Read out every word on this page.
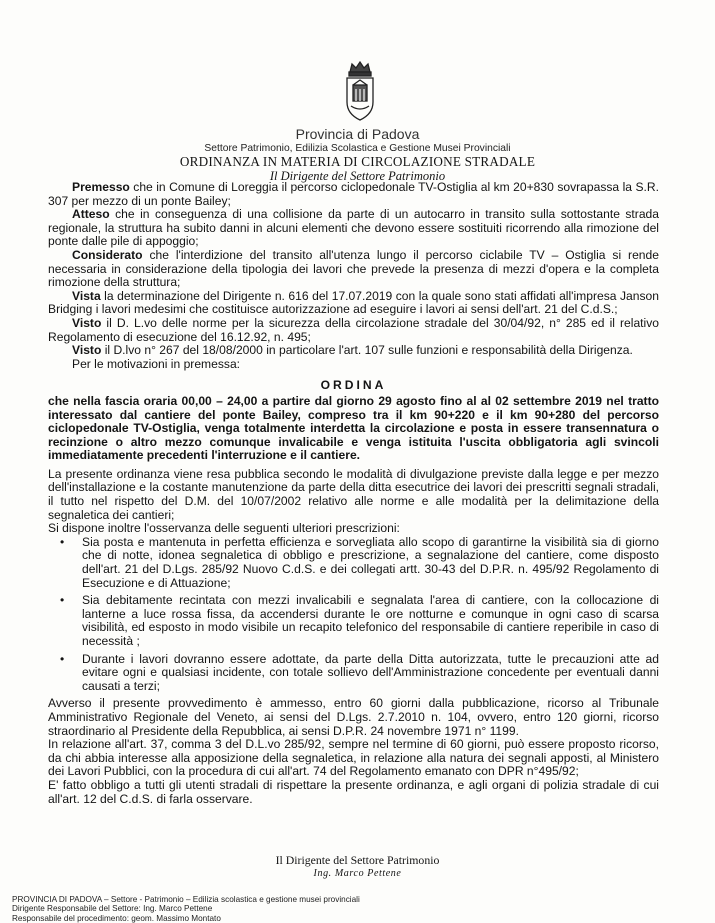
Provincia di Padova
Settore Patrimonio, Edilizia Scolastica e Gestione Musei Provinciali
ORDINANZA IN MATERIA DI CIRCOLAZIONE STRADALE
Il Dirigente del Settore Patrimonio

Premesso che in Comune di Loreggia il percorso ciclopedonale TV-Ostiglia al km 20+830 sovrapassa la S.R. 307 per mezzo di un ponte Bailey;

Atteso che in conseguenza di una collisione da parte di un autocarro in transito sulla sottostante strada regionale, la struttura ha subito danni in alcuni elementi che devono essere sostituiti ricorrendo alla rimozione del ponte dalle pile di appoggio;

Considerato che l'interdizione del transito all'utenza lungo il percorso ciclabile TV – Ostiglia si rende necessaria in considerazione della tipologia dei lavori che prevede la presenza di mezzi d'opera e la completa rimozione della struttura;

Vista la determinazione del Dirigente n. 616 del 17.07.2019 con la quale sono stati affidati all'impresa Janson Bridging i lavori medesimi che costituisce autorizzazione ad eseguire i lavori ai sensi dell'art. 21 del C.d.S.;

Visto il D. L.vo delle norme per la sicurezza della circolazione stradale del 30/04/92, n° 285 ed il relativo Regolamento di esecuzione del 16.12.92, n. 495;

Visto il D.lvo n° 267 del 18/08/2000 in particolare l'art. 107 sulle funzioni e responsabilità della Dirigenza.

Per le motivazioni in premessa:

ORDINA

che nella fascia oraria 00,00 – 24,00 a partire dal giorno 29 agosto fino al al 02 settembre 2019 nel tratto interessato dal cantiere del ponte Bailey, compreso tra il km 90+220 e il km 90+280 del percorso ciclopedonale TV-Ostiglia, venga totalmente interdetta la circolazione e posta in essere transennatura o recinzione o altro mezzo comunque invalicabile e venga istituita l'uscita obbligatoria agli svincoli immediatamente precedenti l'interruzione e il cantiere.

La presente ordinanza viene resa pubblica secondo le modalità di divulgazione previste dalla legge e per mezzo dell'installazione e la costante manutenzione da parte della ditta esecutrice dei lavori dei prescritti segnali stradali, il tutto nel rispetto del D.M. del 10/07/2002 relativo alle norme e alle modalità per la delimitazione della segnaletica dei cantieri;

Si dispone inoltre l'osservanza delle seguenti ulteriori prescrizioni:

• Sia posta e mantenuta in perfetta efficienza e sorvegliata allo scopo di garantirne la visibilità sia di giorno che di notte, idonea segnaletica di obbligo e prescrizione, a segnalazione del cantiere, come disposto dell'art. 21 del D.Lgs. 285/92 Nuovo C.d.S. e dei collegati artt. 30-43 del D.P.R. n. 495/92 Regolamento di Esecuzione e di Attuazione;
• Sia debitamente recintata con mezzi invalicabili e segnalata l'area di cantiere, con la collocazione di lanterne a luce rossa fissa, da accendersi durante le ore notturne e comunque in ogni caso di scarsa visibilità, ed esposto in modo visibile un recapito telefonico del responsabile di cantiere reperibile in caso di necessità ;
• Durante i lavori dovranno essere adottate, da parte della Ditta autorizzata, tutte le precauzioni atte ad evitare ogni e qualsiasi incidente, con totale sollievo dell'Amministrazione concedente per eventuali danni causati a terzi;

Avverso il presente provvedimento è ammesso, entro 60 giorni dalla pubblicazione, ricorso al Tribunale Amministrativo Regionale del Veneto, ai sensi del D.Lgs. 2.7.2010 n. 104, ovvero, entro 120 giorni, ricorso straordinario al Presidente della Repubblica, ai sensi D.P.R. 24 novembre 1971 n° 1199.

In relazione all'art. 37, comma 3 del D.L.vo 285/92, sempre nel termine di 60 giorni, può essere proposto ricorso, da chi abbia interesse alla apposizione della segnaletica, in relazione alla natura dei segnali apposti, al Ministero dei Lavori Pubblici, con la procedura di cui all'art. 74 del Regolamento emanato con DPR n°495/92;

E' fatto obbligo a tutti gli utenti stradali di rispettare la presente ordinanza, e agli organi di polizia stradale di cui all'art. 12 del C.d.S. di farla osservare.

Il Dirigente del Settore Patrimonio
Ing. Marco Pettene
PROVINCIA DI PADOVA – Settore - Patrimonio – Edilizia scolastica e gestione musei provinciali
Dirigente Responsabile del Settore: Ing. Marco Pettene
Responsabile del procedimento: geom. Massimo Montato
